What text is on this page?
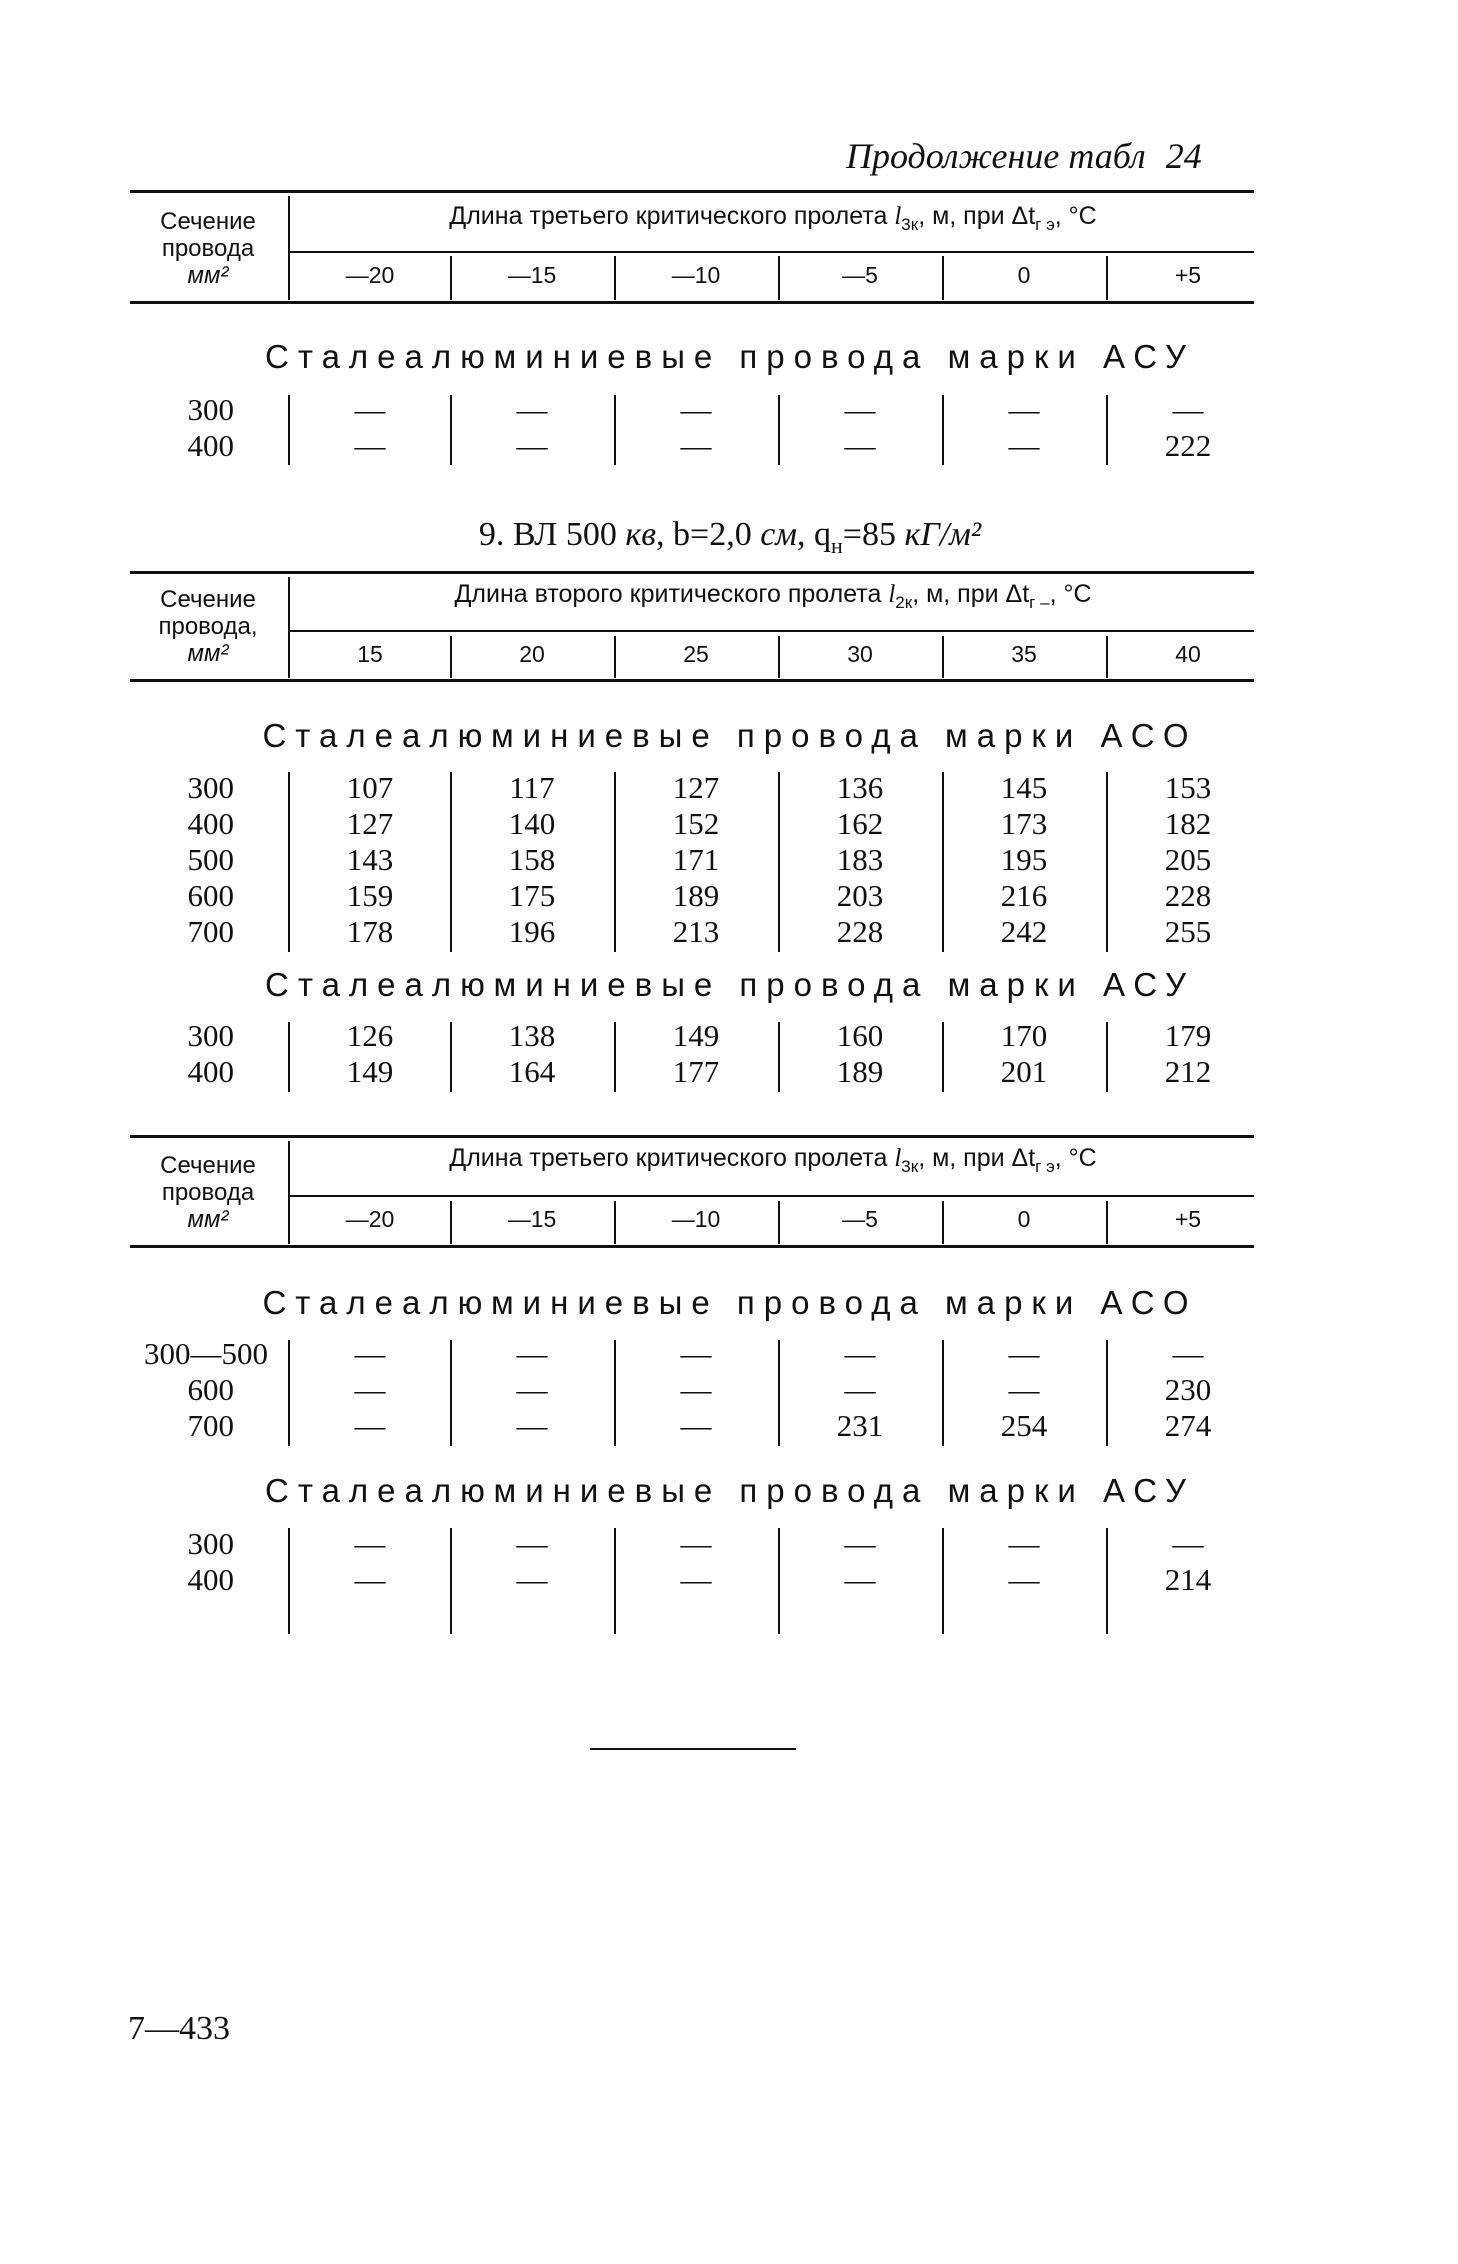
Продолжение табл 24
Сечение
провода
мм²
Длина третьего критического пролета $l_{3к}$, м, при $\Delta t_{г э}$, °С
—20	—15	—10	—5	0	+5
Сталеалюминиевые провода марки АСУ
300	—	—	—	—	—	—
400	—	—	—	—	—	222
9. ВЛ 500 кв, b=2,0 см, $q_н=85$ кГ/м²
Сечение
провода,
мм²
Длина второго критического пролета $l_{2к}$, м, при $\Delta t_{г -}$, °С
15	20	25	30	35	40
Сталеалюминиевые провода марки АСО
300	107	117	127	136	145	153
400	127	140	152	162	173	182
500	143	158	171	183	195	205
600	159	175	189	203	216	228
700	178	196	213	228	242	255
Сталеалюминиевые провода марки АСУ
300	126	138	149	160	170	179
400	149	164	177	189	201	212
Сечение
провода
мм²
Длина третьего критического пролета $l_{3к}$, м, при $\Delta t_{г э}$, °С
—20	—15	—10	—5	0	+5
Сталеалюминиевые провода марки АСО
300—500	—	—	—	—	—	—
600	—	—	—	—	—	230
700	—	—	—	231	254	274
Сталеалюминиевые провода марки АСУ
300	—	—	—	—	—	—
400	—	—	—	—	—	214
7—433
